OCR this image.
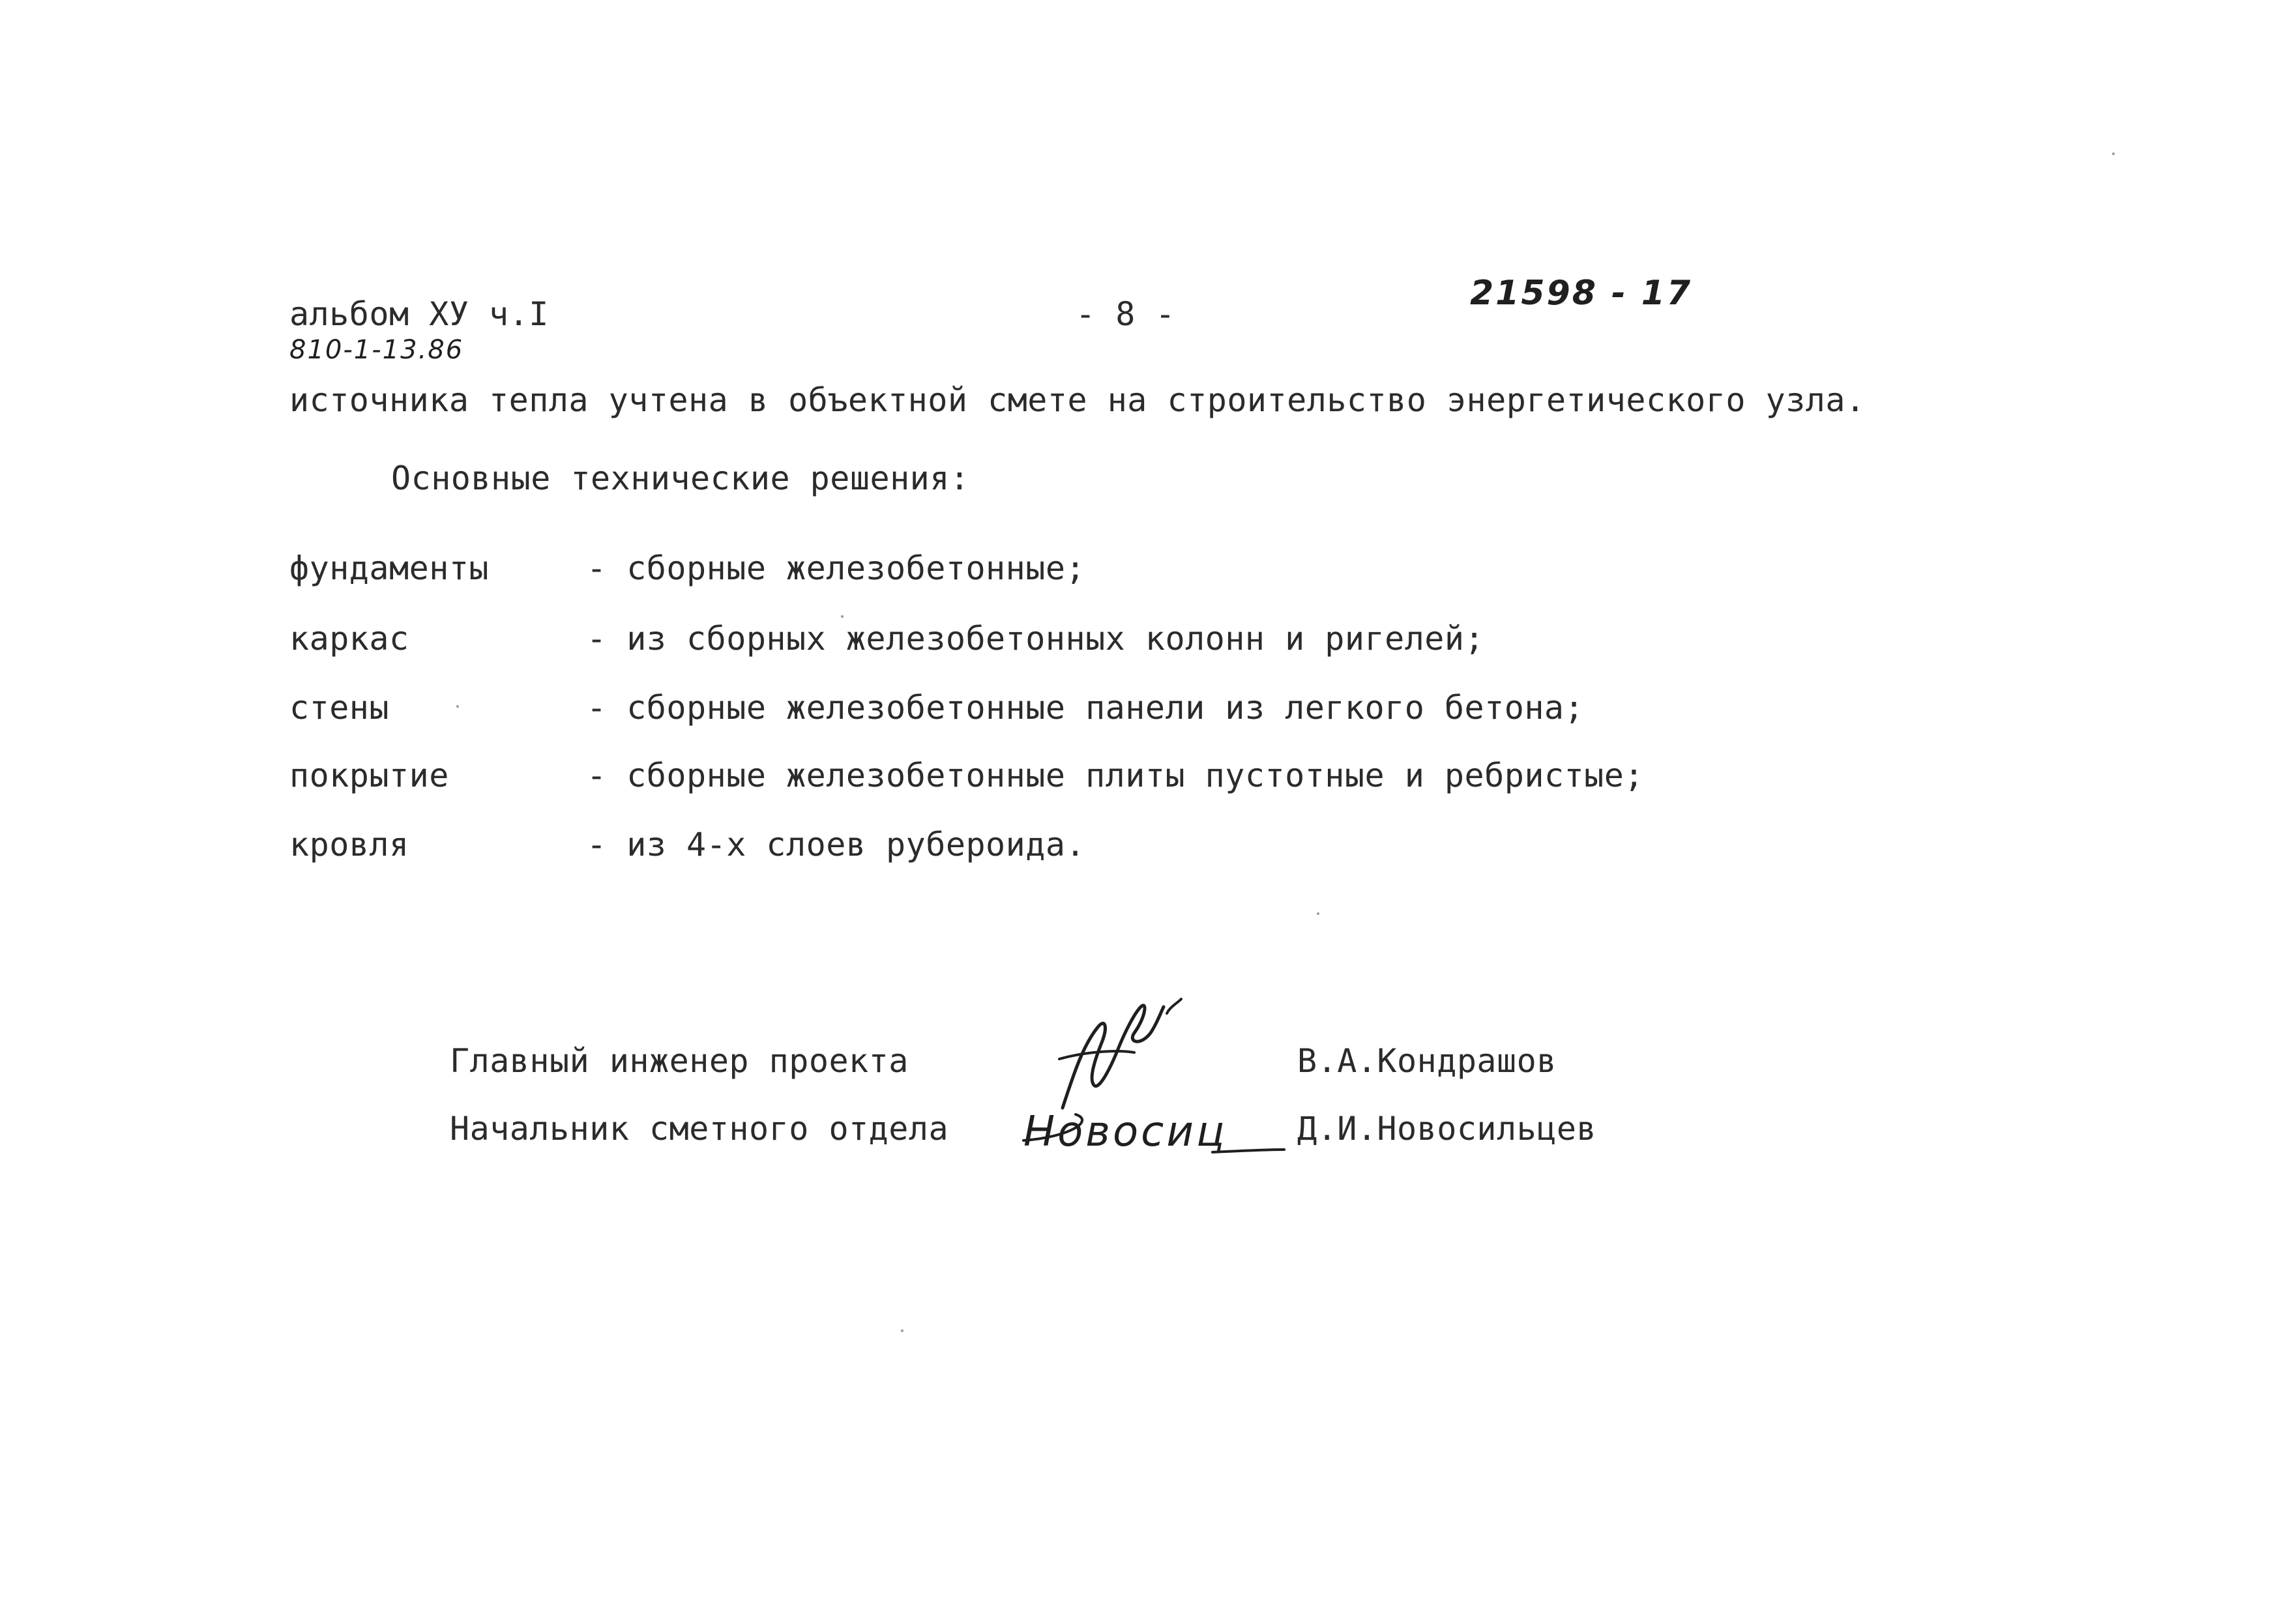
альбом ХУ ч.I	- 8 -
21598 - 17
810-1-13.86
источника тепла учтена в объектной смете на строительство энергетического узла.
Основные технические решения:
фундаменты	- сборные железобетонные;
каркас	- из сборных железобетонных колонн и ригелей;
стены	- сборные железобетонные панели из легкого бетона;
покрытие	- сборные железобетонные плиты пустотные и ребристые;
кровля	- из 4-х слоев рубероида.
Главный инженер проекта	В.А.Кондрашов
Начальник сметного отдела	Д.И.Новосильцев
Новосиц
